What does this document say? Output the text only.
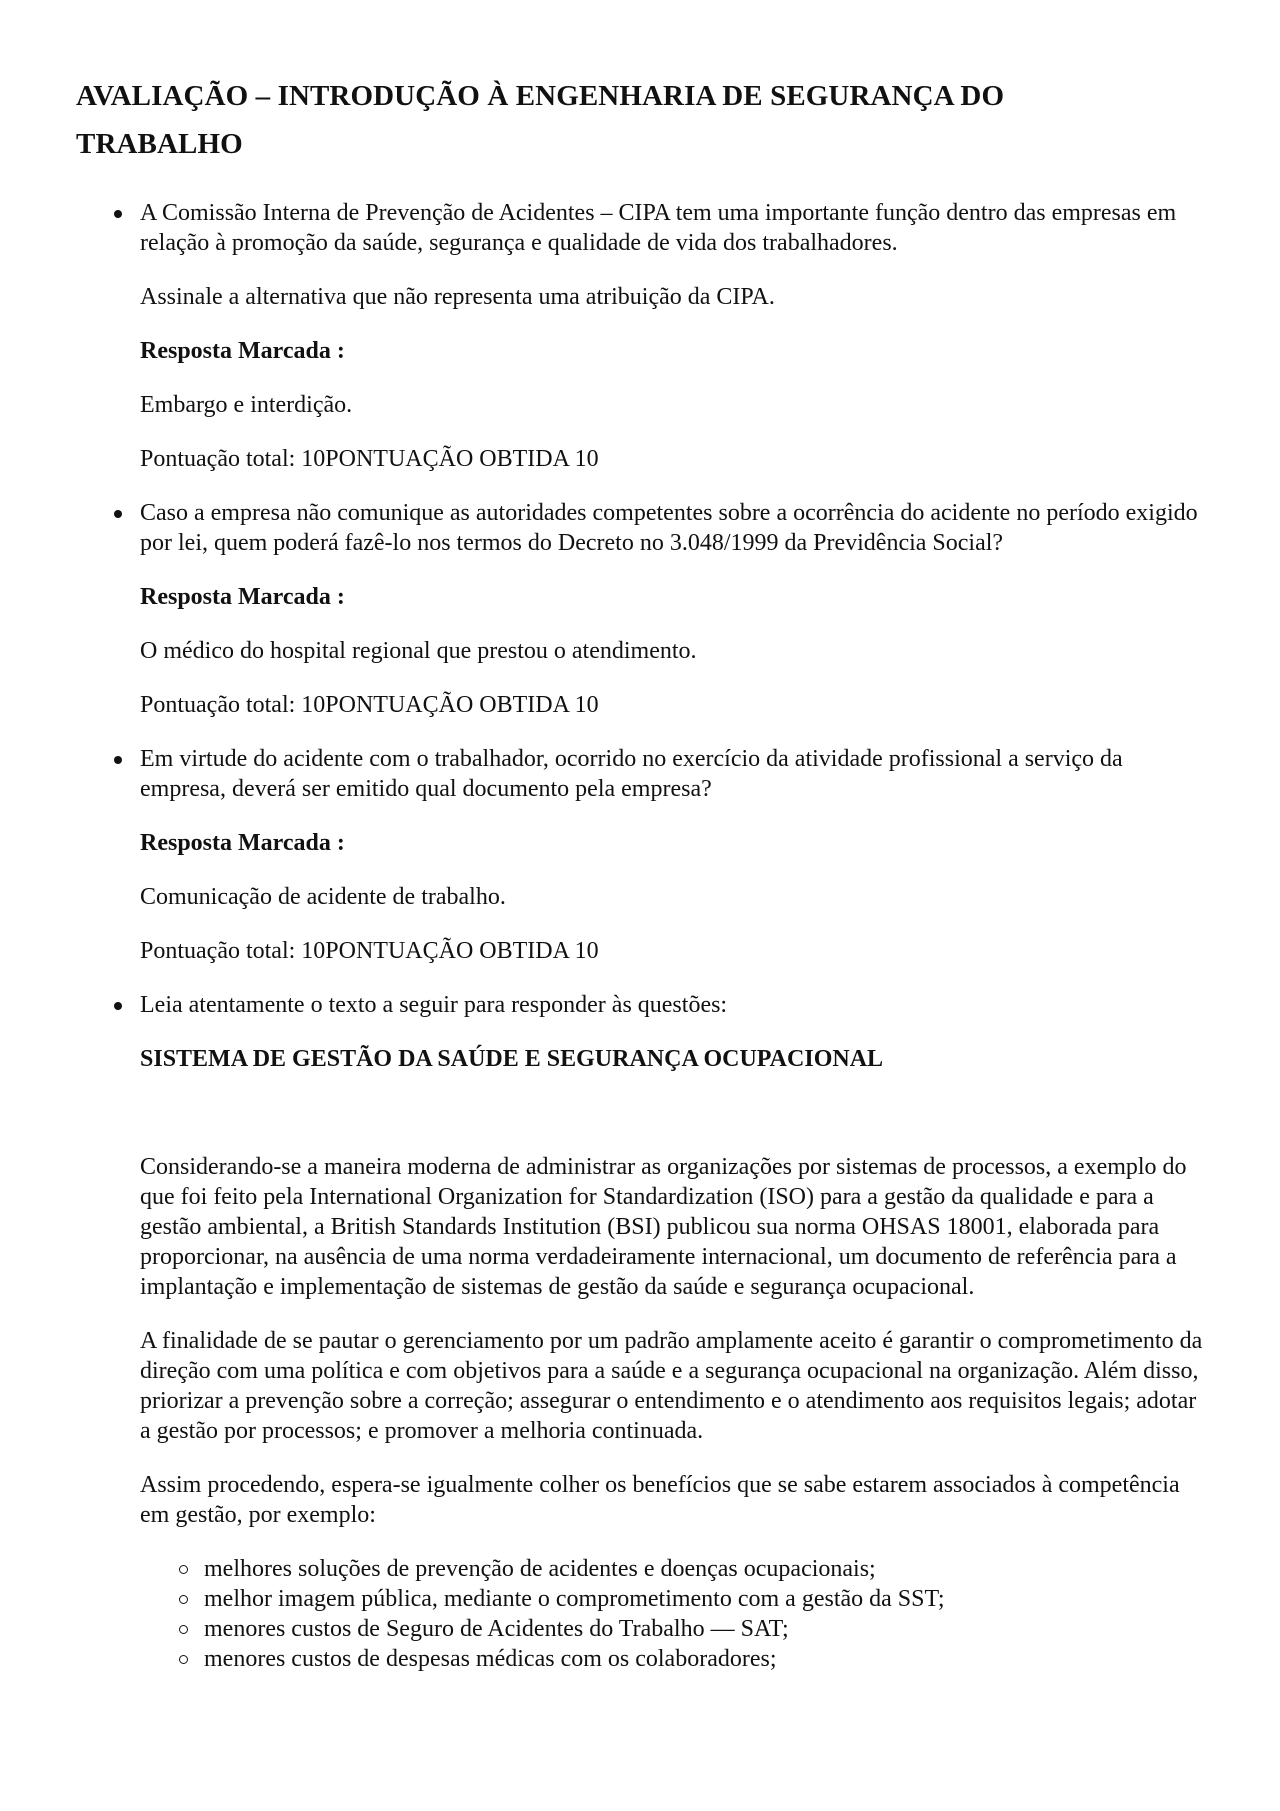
AVALIAÇÃO – INTRODUÇÃO À ENGENHARIA DE SEGURANÇA DO TRABALHO

A Comissão Interna de Prevenção de Acidentes – CIPA tem uma importante função dentro das empresas em relação à promoção da saúde, segurança e qualidade de vida dos trabalhadores.

Assinale a alternativa que não representa uma atribuição da CIPA.

Resposta Marcada :

Embargo e interdição.

Pontuação total: 10PONTUAÇÃO OBTIDA 10

Caso a empresa não comunique as autoridades competentes sobre a ocorrência do acidente no período exigido por lei, quem poderá fazê-lo nos termos do Decreto no 3.048/1999 da Previdência Social?

Resposta Marcada :

O médico do hospital regional que prestou o atendimento.

Pontuação total: 10PONTUAÇÃO OBTIDA 10

Em virtude do acidente com o trabalhador, ocorrido no exercício da atividade profissional a serviço da empresa, deverá ser emitido qual documento pela empresa?

Resposta Marcada :

Comunicação de acidente de trabalho.

Pontuação total: 10PONTUAÇÃO OBTIDA 10

Leia atentamente o texto a seguir para responder às questões:

SISTEMA DE GESTÃO DA SAÚDE E SEGURANÇA OCUPACIONAL

Considerando-se a maneira moderna de administrar as organizações por sistemas de processos, a exemplo do que foi feito pela International Organization for Standardization (ISO) para a gestão da qualidade e para a gestão ambiental, a British Standards Institution (BSI) publicou sua norma OHSAS 18001, elaborada para proporcionar, na ausência de uma norma verdadeiramente internacional, um documento de referência para a implantação e implementação de sistemas de gestão da saúde e segurança ocupacional.

A finalidade de se pautar o gerenciamento por um padrão amplamente aceito é garantir o comprometimento da direção com uma política e com objetivos para a saúde e a segurança ocupacional na organização. Além disso, priorizar a prevenção sobre a correção; assegurar o entendimento e o atendimento aos requisitos legais; adotar a gestão por processos; e promover a melhoria continuada.

Assim procedendo, espera-se igualmente colher os benefícios que se sabe estarem associados à competência em gestão, por exemplo:

melhores soluções de prevenção de acidentes e doenças ocupacionais;
melhor imagem pública, mediante o comprometimento com a gestão da SST;
menores custos de Seguro de Acidentes do Trabalho — SAT;
menores custos de despesas médicas com os colaboradores;
